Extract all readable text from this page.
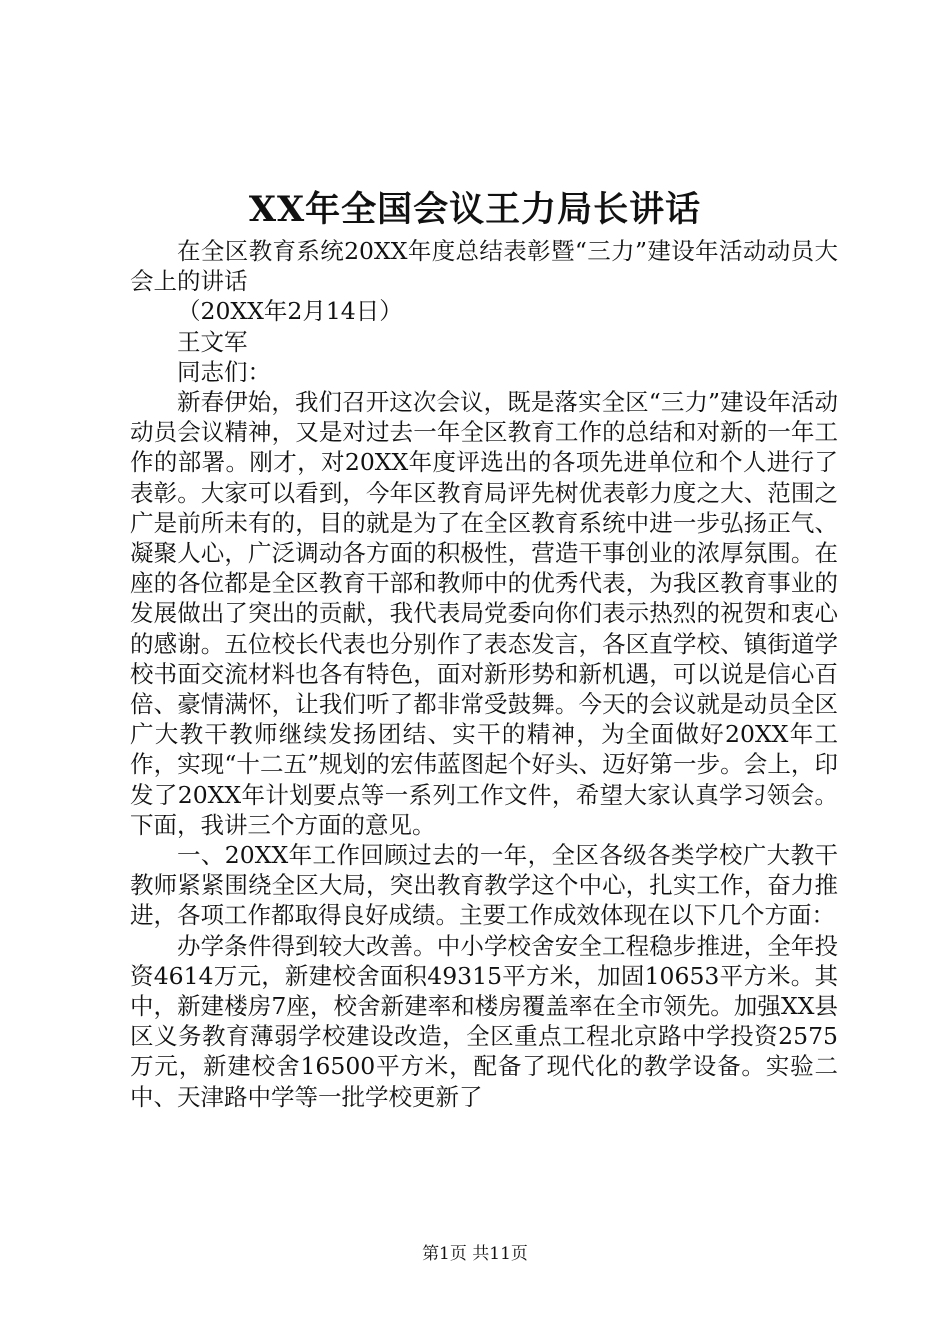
XX年全国会议王力局长讲话

在全区教育系统20XX年度总结表彰暨“三力”建设年活动动员大会上的讲话

（20XX年2月14日）

王文军

同志们：

新春伊始，我们召开这次会议，既是落实全区“三力”建设年活动动员会议精神，又是对过去一年全区教育工作的总结和对新的一年工作的部署。刚才，对20XX年度评选出的各项先进单位和个人进行了表彰。大家可以看到，今年区教育局评先树优表彰力度之大、范围之广是前所未有的，目的就是为了在全区教育系统中进一步弘扬正气、凝聚人心，广泛调动各方面的积极性，营造干事创业的浓厚氛围。在座的各位都是全区教育干部和教师中的优秀代表，为我区教育事业的发展做出了突出的贡献，我代表局党委向你们表示热烈的祝贺和衷心的感谢。五位校长代表也分别作了表态发言，各区直学校、镇街道学校书面交流材料也各有特色，面对新形势和新机遇，可以说是信心百倍、豪情满怀，让我们听了都非常受鼓舞。今天的会议就是动员全区广大教干教师继续发扬团结、实干的精神，为全面做好20XX年工作，实现“十二五”规划的宏伟蓝图起个好头、迈好第一步。会上，印发了20XX年计划要点等一系列工作文件，希望大家认真学习领会。下面，我讲三个方面的意见。

一、20XX年工作回顾过去的一年，全区各级各类学校广大教干教师紧紧围绕全区大局，突出教育教学这个中心，扎实工作，奋力推进，各项工作都取得良好成绩。主要工作成效体现在以下几个方面：

办学条件得到较大改善。中小学校舍安全工程稳步推进，全年投资4614万元，新建校舍面积49315平方米，加固10653平方米。其中，新建楼房7座，校舍新建率和楼房覆盖率在全市领先。加强XX县区义务教育薄弱学校建设改造，全区重点工程北京路中学投资2575万元，新建校舍16500平方米，配备了现代化的教学设备。实验二中、天津路中学等一批学校更新了

第1页 共11页
